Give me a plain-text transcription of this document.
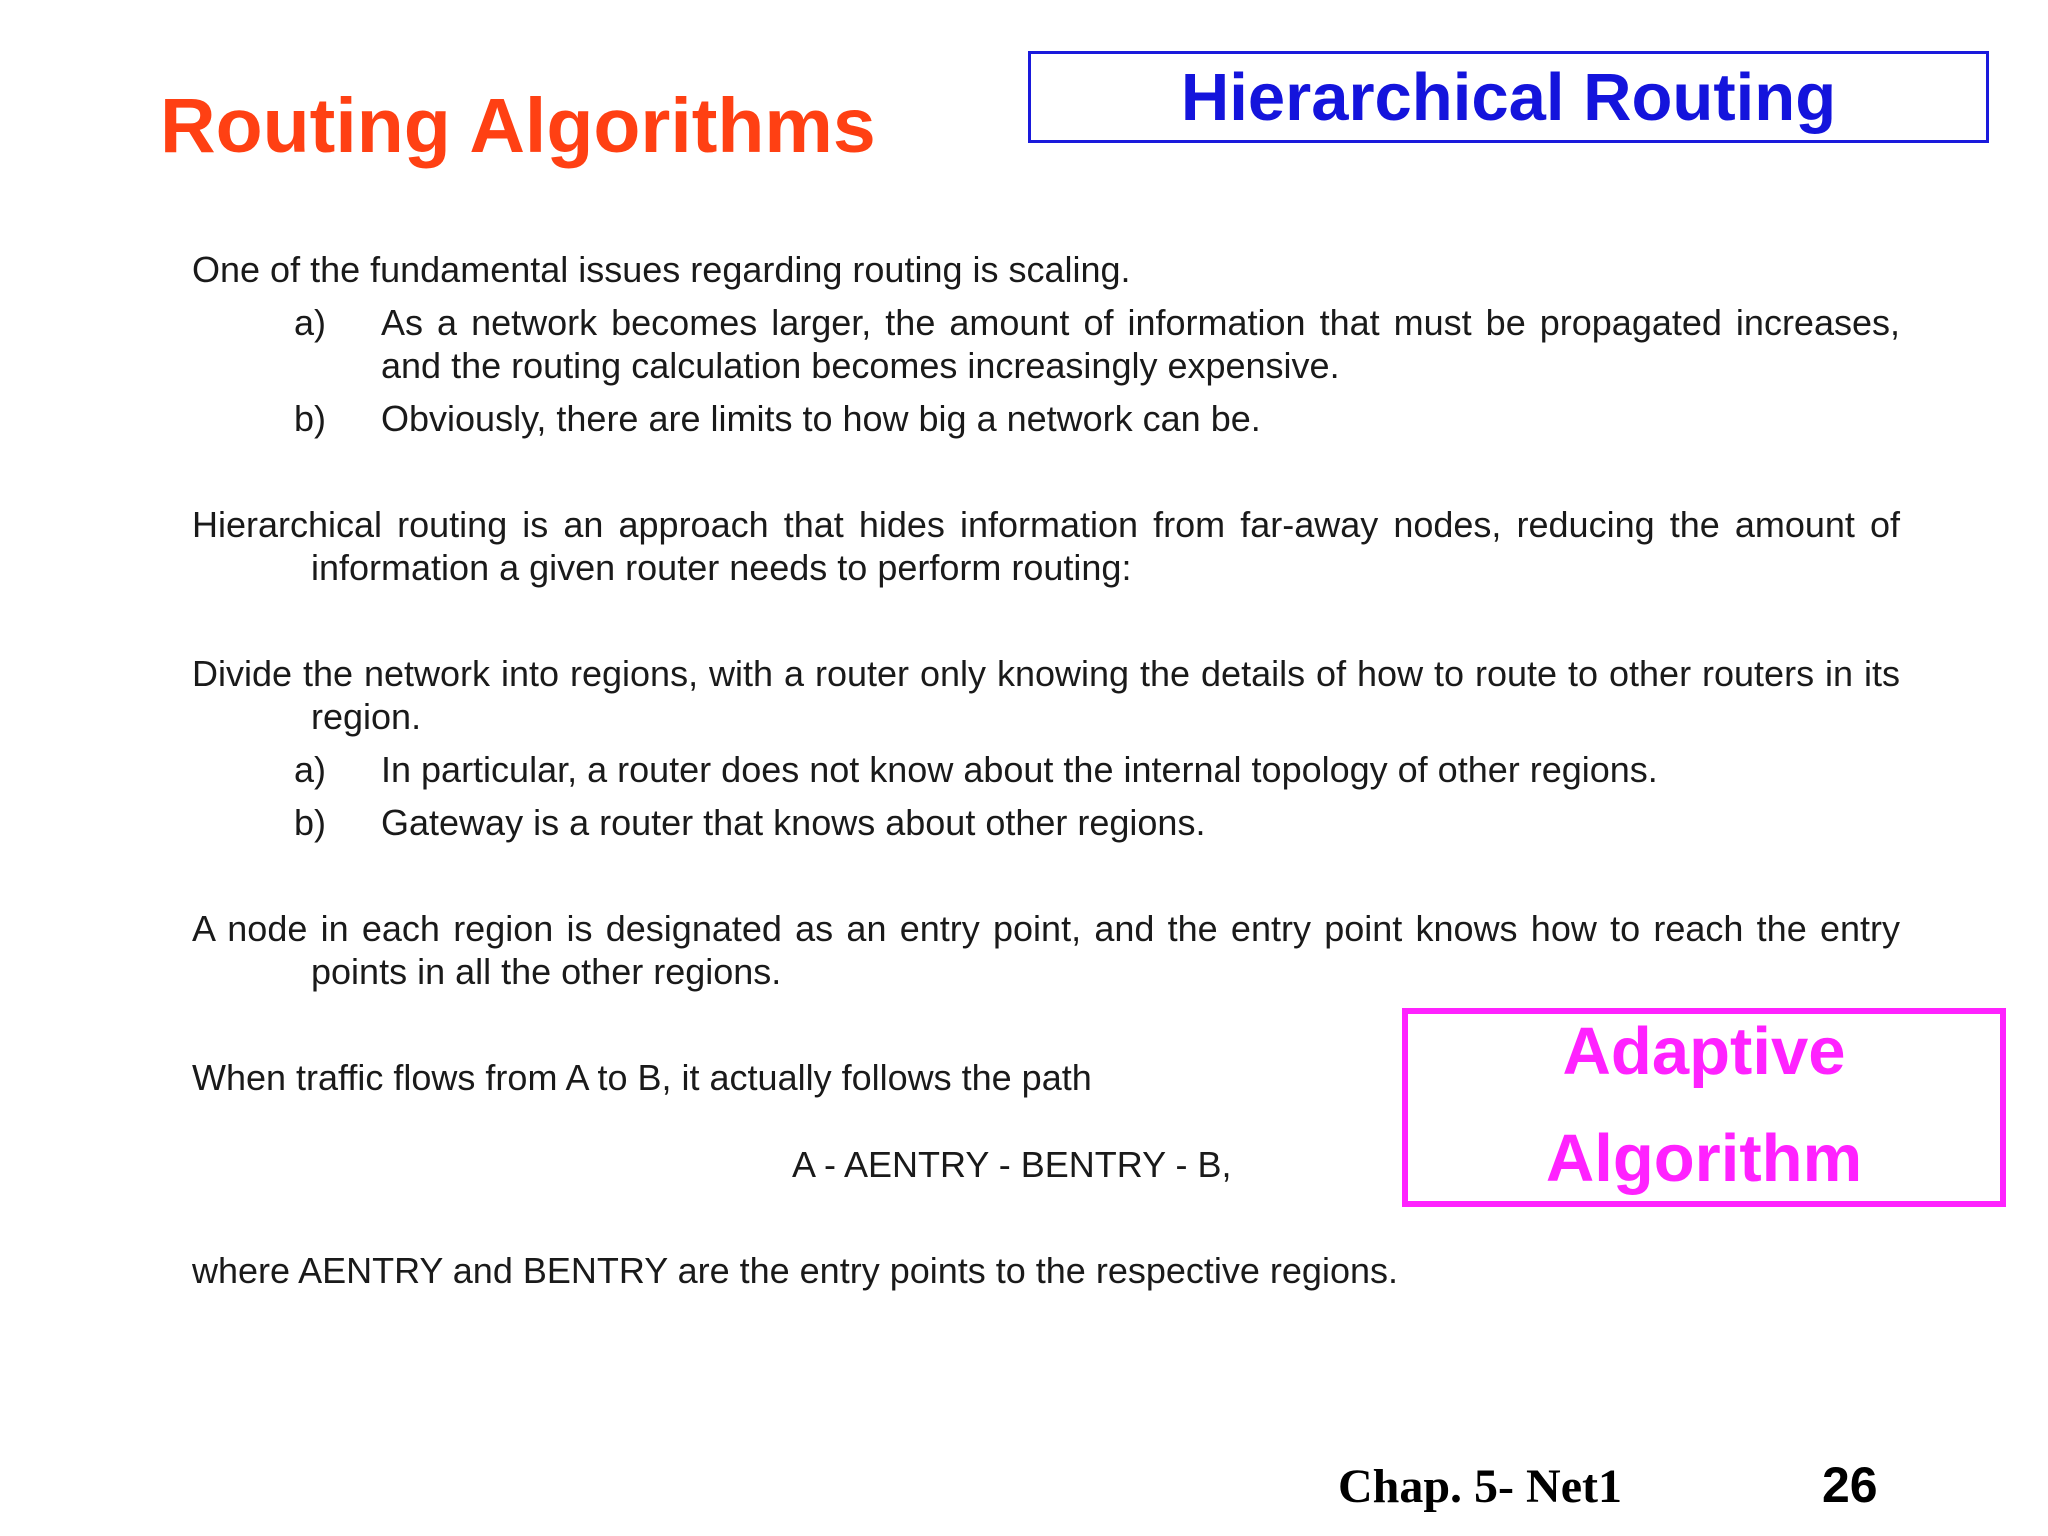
Routing Algorithms	Hierarchical Routing

One of the fundamental issues regarding routing is scaling.

a) As a network becomes larger, the amount of information that must be propagated increases, and the routing calculation becomes increasingly expensive.
b) Obviously, there are limits to how big a network can be.

Hierarchical routing is an approach that hides information from far-away nodes, reducing the amount of information a given router needs to perform routing:

Divide the network into regions, with a router only knowing the details of how to route to other routers in its region.

a) In particular, a router does not know about the internal topology of other regions.
b) Gateway is a router that knows about other regions.

A node in each region is designated as an entry point, and the entry point knows how to reach the entry points in all the other regions.

When traffic flows from A to B, it actually follows the path

A - AENTRY - BENTRY - B,

where AENTRY and BENTRY are the entry points to the respective regions.

Adaptive
Algorithm
Chap. 5- Net1	26
